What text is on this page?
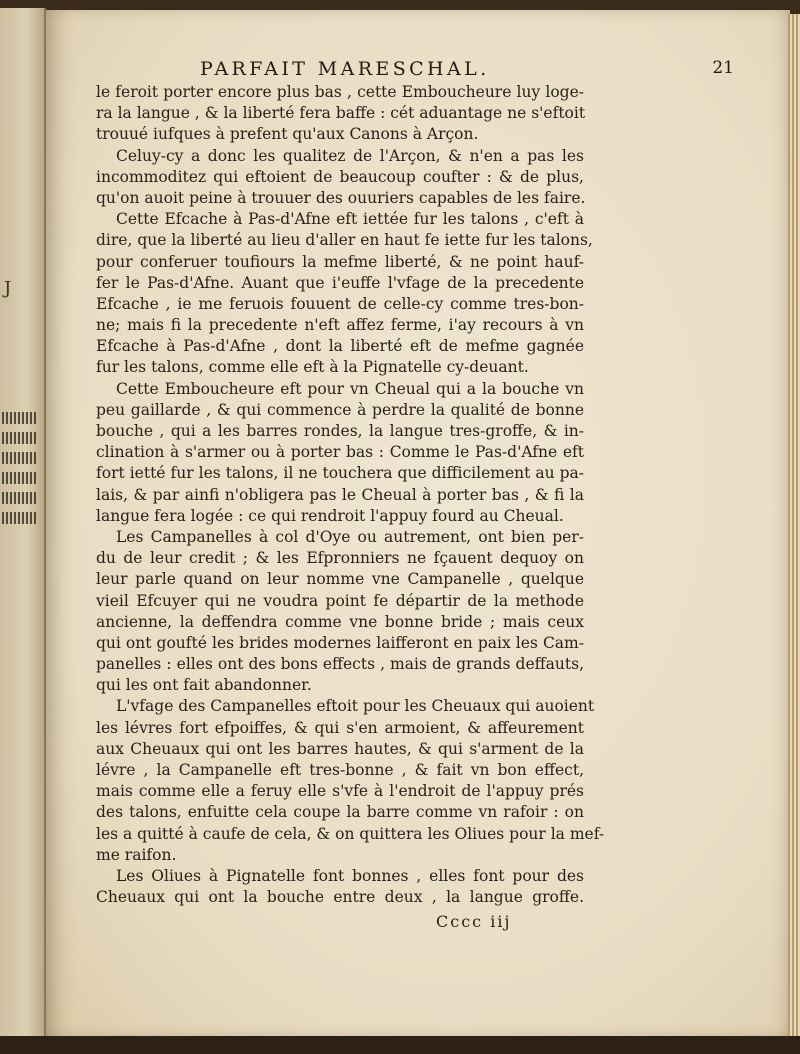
J
PARFAIT MARESCHAL.	21
le feroit porter encore plus bas , cette Emboucheure luy loge-
ra la langue , & la liberté fera baffe : cét aduantage ne s'eftoit
trouué iufques à prefent qu'aux Canons à Arçon.
Celuy-cy a donc les qualitez de l'Arçon, & n'en a pas les
incommoditez qui eftoient de beaucoup coufter : & de plus,
qu'on auoit peine à trouuer des ouuriers capables de les faire.
Cette Efcache à Pas-d'Afne eft iettée fur les talons , c'eft à
dire, que la liberté au lieu d'aller en haut fe iette fur les talons,
pour conferuer toufiours la mefme liberté, & ne point hauf-
fer le Pas-d'Afne. Auant que i'euffe l'vfage de la precedente
Efcache , ie me feruois fouuent de celle-cy comme tres-bon-
ne; mais fi la precedente n'eft affez ferme, i'ay recours à vn
Efcache à Pas-d'Afne , dont la liberté eft de mefme gagnée
fur les talons, comme elle eft à la Pignatelle cy-deuant.
Cette Emboucheure eft pour vn Cheual qui a la bouche vn
peu gaillarde , & qui commence à perdre la qualité de bonne
bouche , qui a les barres rondes, la langue tres-groffe, & in-
clination à s'armer ou à porter bas : Comme le Pas-d'Afne eft
fort ietté fur les talons, il ne touchera que difficilement au pa-
lais, & par ainfi n'obligera pas le Cheual à porter bas , & fi la
langue fera logée : ce qui rendroit l'appuy fourd au Cheual.
Les Campanelles à col d'Oye ou autrement, ont bien per-
du de leur credit ; & les Efpronniers ne fçauent dequoy on
leur parle quand on leur nomme vne Campanelle , quelque
vieil Efcuyer qui ne voudra point fe départir de la methode
ancienne, la deffendra comme vne bonne bride ; mais ceux
qui ont goufté les brides modernes laifferont en paix les Cam-
panelles : elles ont des bons effects , mais de grands deffauts,
qui les ont fait abandonner.
L'vfage des Campanelles eftoit pour les Cheuaux qui auoient
les lévres fort efpoiffes, & qui s'en armoient, & affeurement
aux Cheuaux qui ont les barres hautes, & qui s'arment de la
lévre , la Campanelle eft tres-bonne , & fait vn bon effect,
mais comme elle a feruy elle s'vfe à l'endroit de l'appuy prés
des talons, enfuitte cela coupe la barre comme vn rafoir : on
les a quitté à caufe de cela, & on quittera les Oliues pour la mef-
me raifon.
Les Oliues à Pignatelle font bonnes , elles font pour des
Cheuaux qui ont la bouche entre deux , la langue groffe.
Cccc iij
